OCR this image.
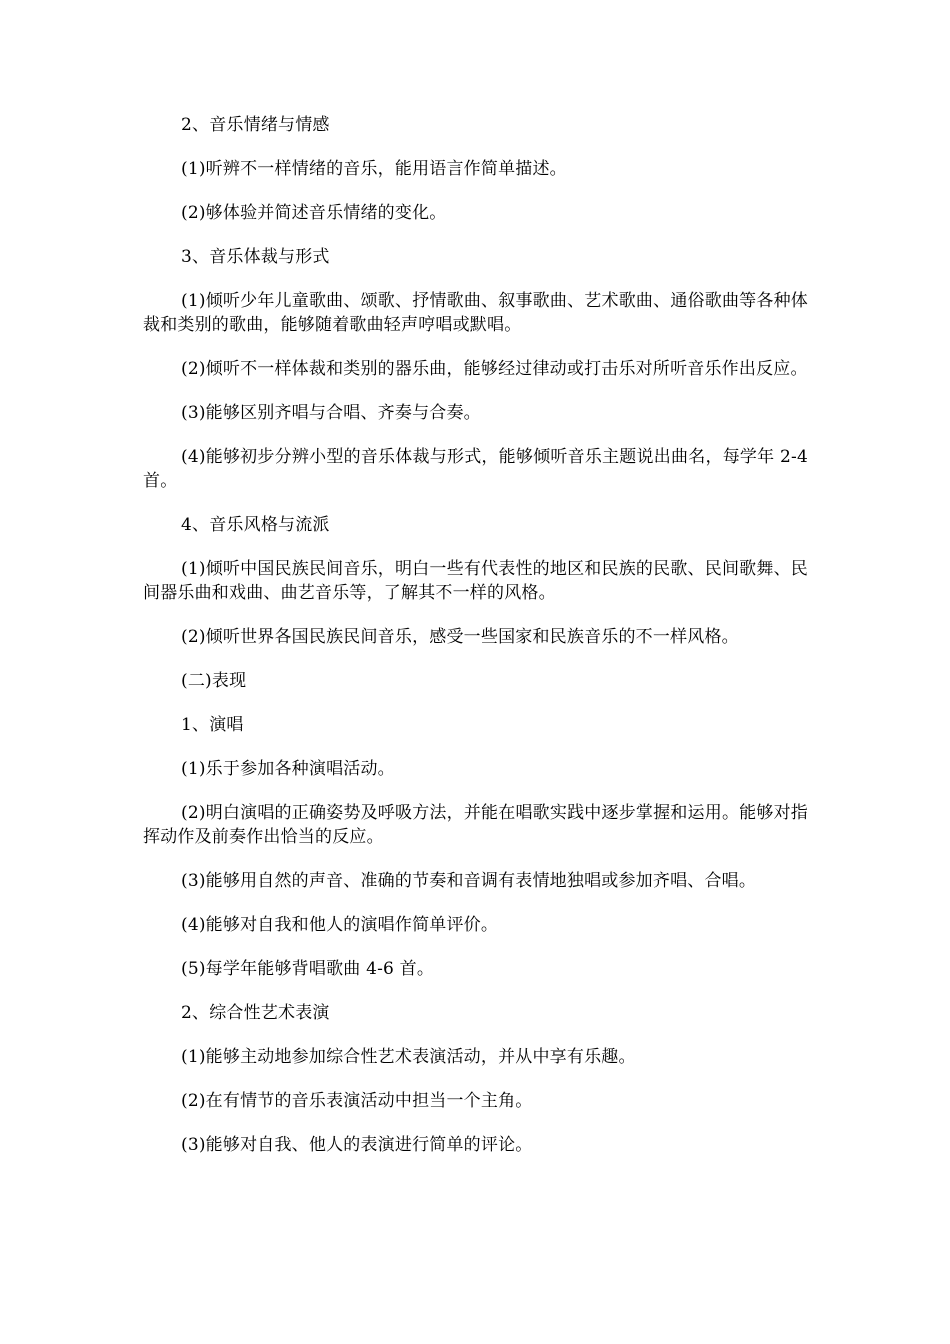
2、音乐情绪与情感

(1)听辨不一样情绪的音乐，能用语言作简单描述。

(2)够体验并简述音乐情绪的变化。

3、音乐体裁与形式

(1)倾听少年儿童歌曲、颂歌、抒情歌曲、叙事歌曲、艺术歌曲、通俗歌曲等各种体裁和类别的歌曲，能够随着歌曲轻声哼唱或默唱。

(2)倾听不一样体裁和类别的器乐曲，能够经过律动或打击乐对所听音乐作出反应。

(3)能够区别齐唱与合唱、齐奏与合奏。

(4)能够初步分辨小型的音乐体裁与形式，能够倾听音乐主题说出曲名，每学年 2-4 首。

4、音乐风格与流派

(1)倾听中国民族民间音乐，明白一些有代表性的地区和民族的民歌、民间歌舞、民间器乐曲和戏曲、曲艺音乐等，了解其不一样的风格。

(2)倾听世界各国民族民间音乐，感受一些国家和民族音乐的不一样风格。

(二)表现

1、演唱

(1)乐于参加各种演唱活动。

(2)明白演唱的正确姿势及呼吸方法，并能在唱歌实践中逐步掌握和运用。能够对指挥动作及前奏作出恰当的反应。

(3)能够用自然的声音、准确的节奏和音调有表情地独唱或参加齐唱、合唱。

(4)能够对自我和他人的演唱作简单评价。

(5)每学年能够背唱歌曲 4-6 首。

2、综合性艺术表演

(1)能够主动地参加综合性艺术表演活动，并从中享有乐趣。

(2)在有情节的音乐表演活动中担当一个主角。

(3)能够对自我、他人的表演进行简单的评论。
